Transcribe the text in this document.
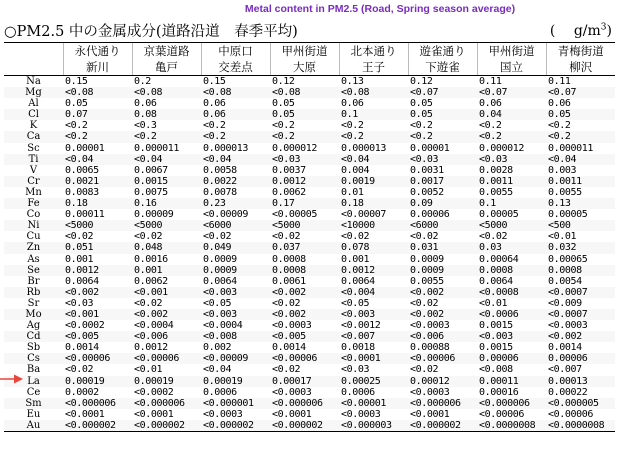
Metal content in PM2.5 (Road, Spring season average)
○PM2.5 中の金属成分(道路沿道　春季平均)	(　 $g/m^3$)
	永代通り	京葉道路	中原口	甲州街道	北本通り	遊雀通り	甲州街道	青梅街道
	新川	亀戸	交差点	大原	王子	下遊雀	国立	柳沢
Na	0.15	0.2	0.15	0.12	0.13	0.12	0.11	0.11
Mg	<0.08	<0.08	<0.08	<0.08	<0.08	<0.07	<0.07	<0.07
Al	0.05	0.06	0.06	0.05	0.06	0.05	0.06	0.06
Cl	0.07	0.08	0.06	0.05	0.1	0.05	0.04	0.05
K	<0.2	<0.3	<0.2	<0.2	<0.2	<0.2	<0.2	<0.2
Ca	<0.2	<0.2	<0.2	<0.2	<0.2	<0.2	<0.2	<0.2
Sc	0.00001	0.000011	0.000013	0.000012	0.000013	0.00001	0.000012	0.000011
Ti	<0.04	<0.04	<0.04	<0.03	<0.04	<0.03	<0.03	<0.04
V	0.0065	0.0067	0.0058	0.0037	0.004	0.0031	0.0028	0.003
Cr	0.0021	0.0015	0.0022	0.0012	0.0019	0.0017	0.0011	0.0011
Mn	0.0083	0.0075	0.0078	0.0062	0.01	0.0052	0.0055	0.0055
Fe	0.18	0.16	0.23	0.17	0.18	0.09	0.1	0.13
Co	0.00011	0.00009	<0.00009	<0.00005	<0.00007	0.00006	0.00005	0.00005
Ni	<5000	<5000	<6000	<5000	<10000	<6000	<5000	<500
Cu	<0.02	<0.02	<0.02	<0.02	<0.02	<0.02	<0.02	<0.01
Zn	0.051	0.048	0.049	0.037	0.078	0.031	0.03	0.032
As	0.001	0.0016	0.0009	0.0008	0.001	0.0009	0.00064	0.00065
Se	0.0012	0.001	0.0009	0.0008	0.0012	0.0009	0.0008	0.0008
Br	0.0064	0.0062	0.0064	0.0061	0.0064	0.0055	0.0064	0.0054
Rb	<0.002	<0.001	<0.003	<0.002	<0.004	<0.002	<0.0008	<0.0007
Sr	<0.03	<0.02	<0.05	<0.02	<0.05	<0.02	<0.01	<0.009
Mo	<0.001	<0.002	<0.003	<0.002	<0.003	<0.002	<0.0006	<0.0007
Ag	<0.0002	<0.0004	<0.0004	<0.0003	<0.0012	<0.0003	0.0015	<0.0003
Cd	<0.005	<0.006	<0.008	<0.005	<0.007	<0.006	<0.003	<0.002
Sb	0.0014	0.0012	0.002	0.0014	0.0018	0.00088	0.0015	0.0014
Cs	<0.00006	<0.00006	<0.00009	<0.00006	<0.0001	<0.00006	0.00006	0.00006
Ba	<0.02	<0.01	<0.04	<0.02	<0.03	<0.02	<0.008	<0.007
La	0.00019	0.00019	0.00019	0.00017	0.00025	0.00012	0.00011	0.00013
Ce	0.0002	<0.0002	0.0006	<0.0003	0.0006	<0.0003	0.00016	0.00022
Sm	<0.000006	<0.000006	<0.000001	<0.000006	<0.00001	<0.000006	<0.000006	<0.000005
Eu	<0.0001	<0.0001	<0.0003	<0.0001	<0.0003	<0.0001	<0.00006	<0.00006
Au	<0.000002	<0.000002	<0.000002	<0.000002	<0.000003	<0.000002	<0.0000008	<0.0000008
